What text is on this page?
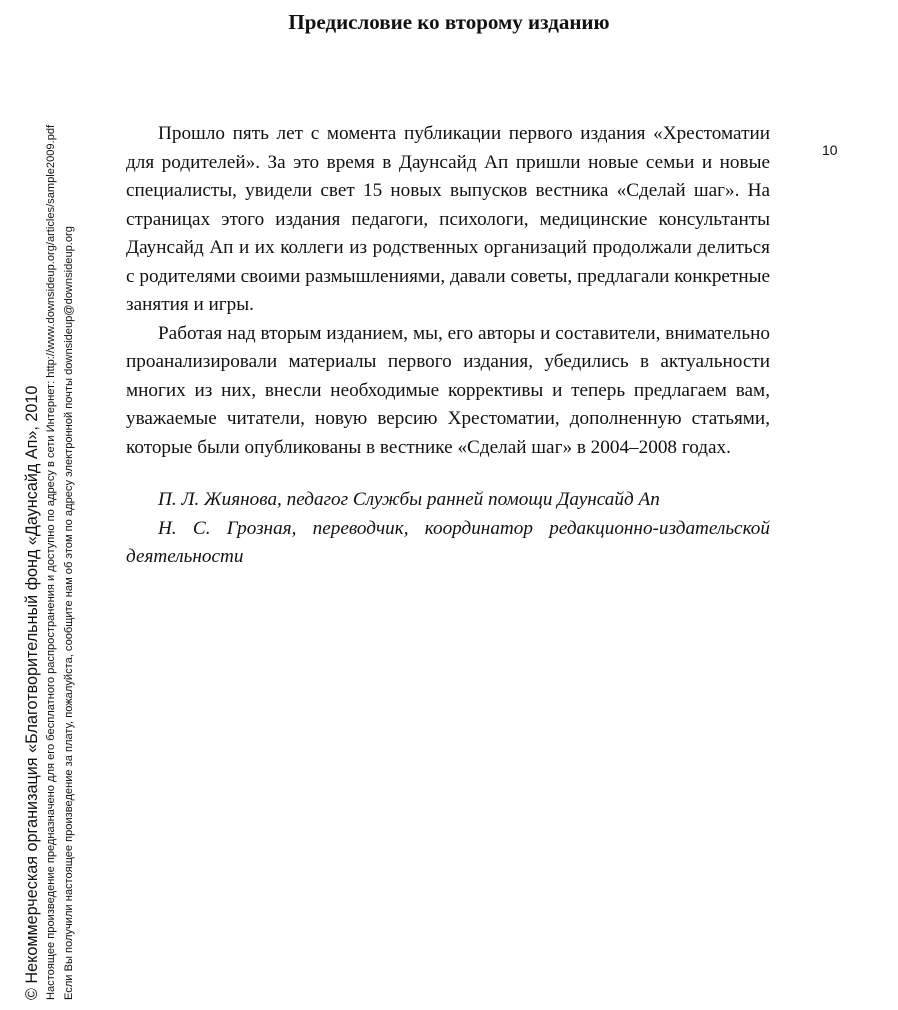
Предисловие ко второму изданию
10

Прошло пять лет с момента публикации первого издания «Хрестоматии для родителей». За это время в Даунсайд Ап пришли новые семьи и новые специалисты, увидели свет 15 новых выпусков вестника «Сделай шаг». На страницах этого издания педагоги, психологи, медицинские консультанты Даунсайд Ап и их коллеги из родственных организаций продолжали делиться с родителями своими размышлениями, давали советы, предлагали конкретные занятия и игры.

Работая над вторым изданием, мы, его авторы и составители, внимательно проанализировали материалы первого издания, убедились в актуальности многих из них, внесли необходимые коррективы и теперь предлагаем вам, уважаемые читатели, новую версию Хрестоматии, дополненную статьями, которые были опубликованы в вестнике «Сделай шаг» в 2004–2008 годах.

П. Л. Жиянова, педагог Службы ранней помощи Даунсайд Ап

Н. С. Грозная, переводчик, координатор редакционно-издательской деятельности

© Некоммерческая организация «Благотворительный фонд «Даунсайд Ап», 2010 Настоящее произведение предназначено для его бесплатного распространения и доступно по адресу в сети Интернет: http://www.downsideup.org/articles/sample2009.pdf Если Вы получили настоящее произведение за плату, пожалуйста, сообщите нам об этом по адресу электронной почты downsideup@downsideup.org
